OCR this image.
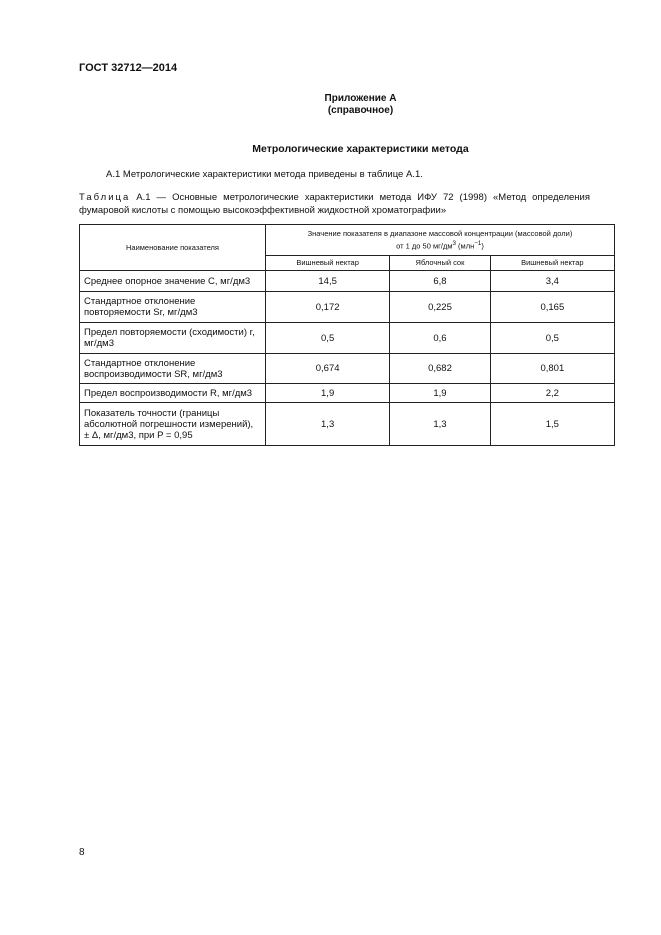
ГОСТ 32712—2014
Приложение А
(справочное)
Метрологические характеристики метода
А.1 Метрологические характеристики метода приведены в таблице А.1.
Таблица А.1 — Основные метрологические характеристики метода ИФУ 72 (1998) «Метод определения фумаровой кислоты с помощью высокоэффективной жидкостной хроматографии»
Наименование показателя	Значение показателя в диапазоне массовой концентрации (массовой доли)
от 1 до 50 $мг/дм^3$ (млн$^{-1}$)		
	Вишневый нектар	Яблочный сок	Вишневый нектар
Среднее опорное значение C, мг/дм3	14,5	6,8	3,4
Стандартное отклонение повторяемости Sr, мг/дм3	0,172	0,225	0,165
Предел повторяемости (сходимости) r, мг/дм3	0,5	0,6	0,5
Стандартное отклонение воспроизводимости SR, мг/дм3	0,674	0,682	0,801
Предел воспроизводимости R, мг/дм3	1,9	1,9	2,2
Показатель точности (границы абсолютной погрешности измерений), ± Δ, мг/дм3, при P = 0,95	1,3	1,3	1,5
8
